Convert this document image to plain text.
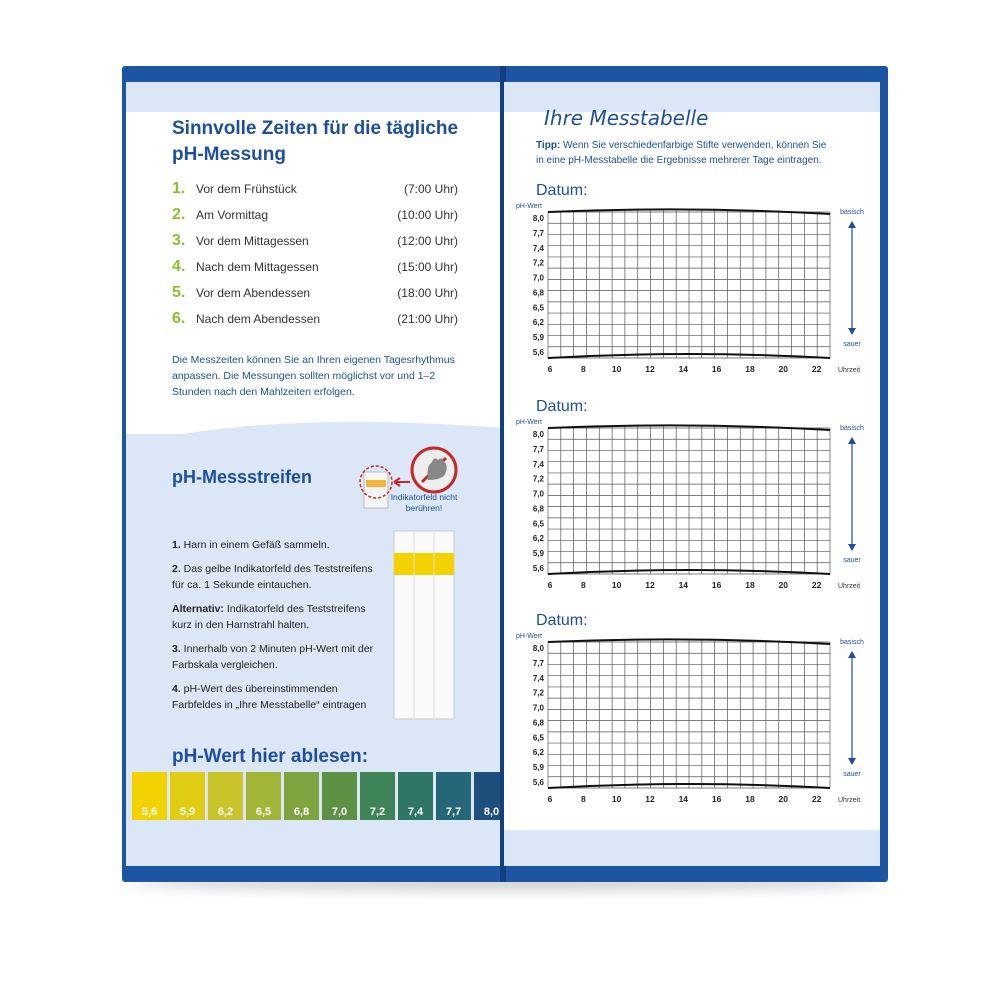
Sinnvolle Zeiten für die tägliche pH-Messung
1. Vor dem Frühstück	(7:00 Uhr)
2. Am Vormittag	(10:00 Uhr)
3. Vor dem Mittagessen	(12:00 Uhr)
4. Nach dem Mittagessen	(15:00 Uhr)
5. Vor dem Abendessen	(18:00 Uhr)
6. Nach dem Abendessen	(21:00 Uhr)
Die Messzeiten können Sie an Ihren eigenen Tagesrhythmus anpassen. Die Messungen sollten möglichst vor und 1–2 Stunden nach den Mahlzeiten erfolgen.
pH-Messstreifen
Indikatorfeld nicht berühren!
1. Harn in einem Gefäß sammeln.
2. Das gelbe Indikatorfeld des Teststreifens für ca. 1 Sekunde eintauchen.
Alternativ: Indikatorfeld des Teststreifens kurz in den Harnstrahl halten.
3. Innerhalb von 2 Minuten pH-Wert mit der Farbskala vergleichen.
4. pH-Wert des übereinstimmenden Farbfeldes in „Ihre Messtabelle“ eintragen
pH-Wert hier ablesen:
5,6	5,9	6,2	6,5	6,8	7,0	7,2	7,4	7,7	8,0
Ihre Messtabelle
Tipp: Wenn Sie verschiedenfarbige Stifte verwenden, können Sie in eine pH-Messtabelle die Ergebnisse mehrerer Tage eintragen.
Datum:
pH-Wert
8,0
7,7
7,4
7,2
7,0
6,8
6,5
6,2
5,9
5,6
6	8	10	12	14	16	18	20	22 Uhrzeit
basisch
sauer
Datum:
pH-Wert
8,0
7,7
7,4
7,2
7,0
6,8
6,5
6,2
5,9
5,6
6	8	10	12	14	16	18	20	22 Uhrzeit
basisch
sauer
Datum:
pH-Wert
8,0
7,7
7,4
7,2
7,0
6,8
6,5
6,2
5,9
5,6
6	8	10	12	14	16	18	20	22 Uhrzeit
basisch
sauer
